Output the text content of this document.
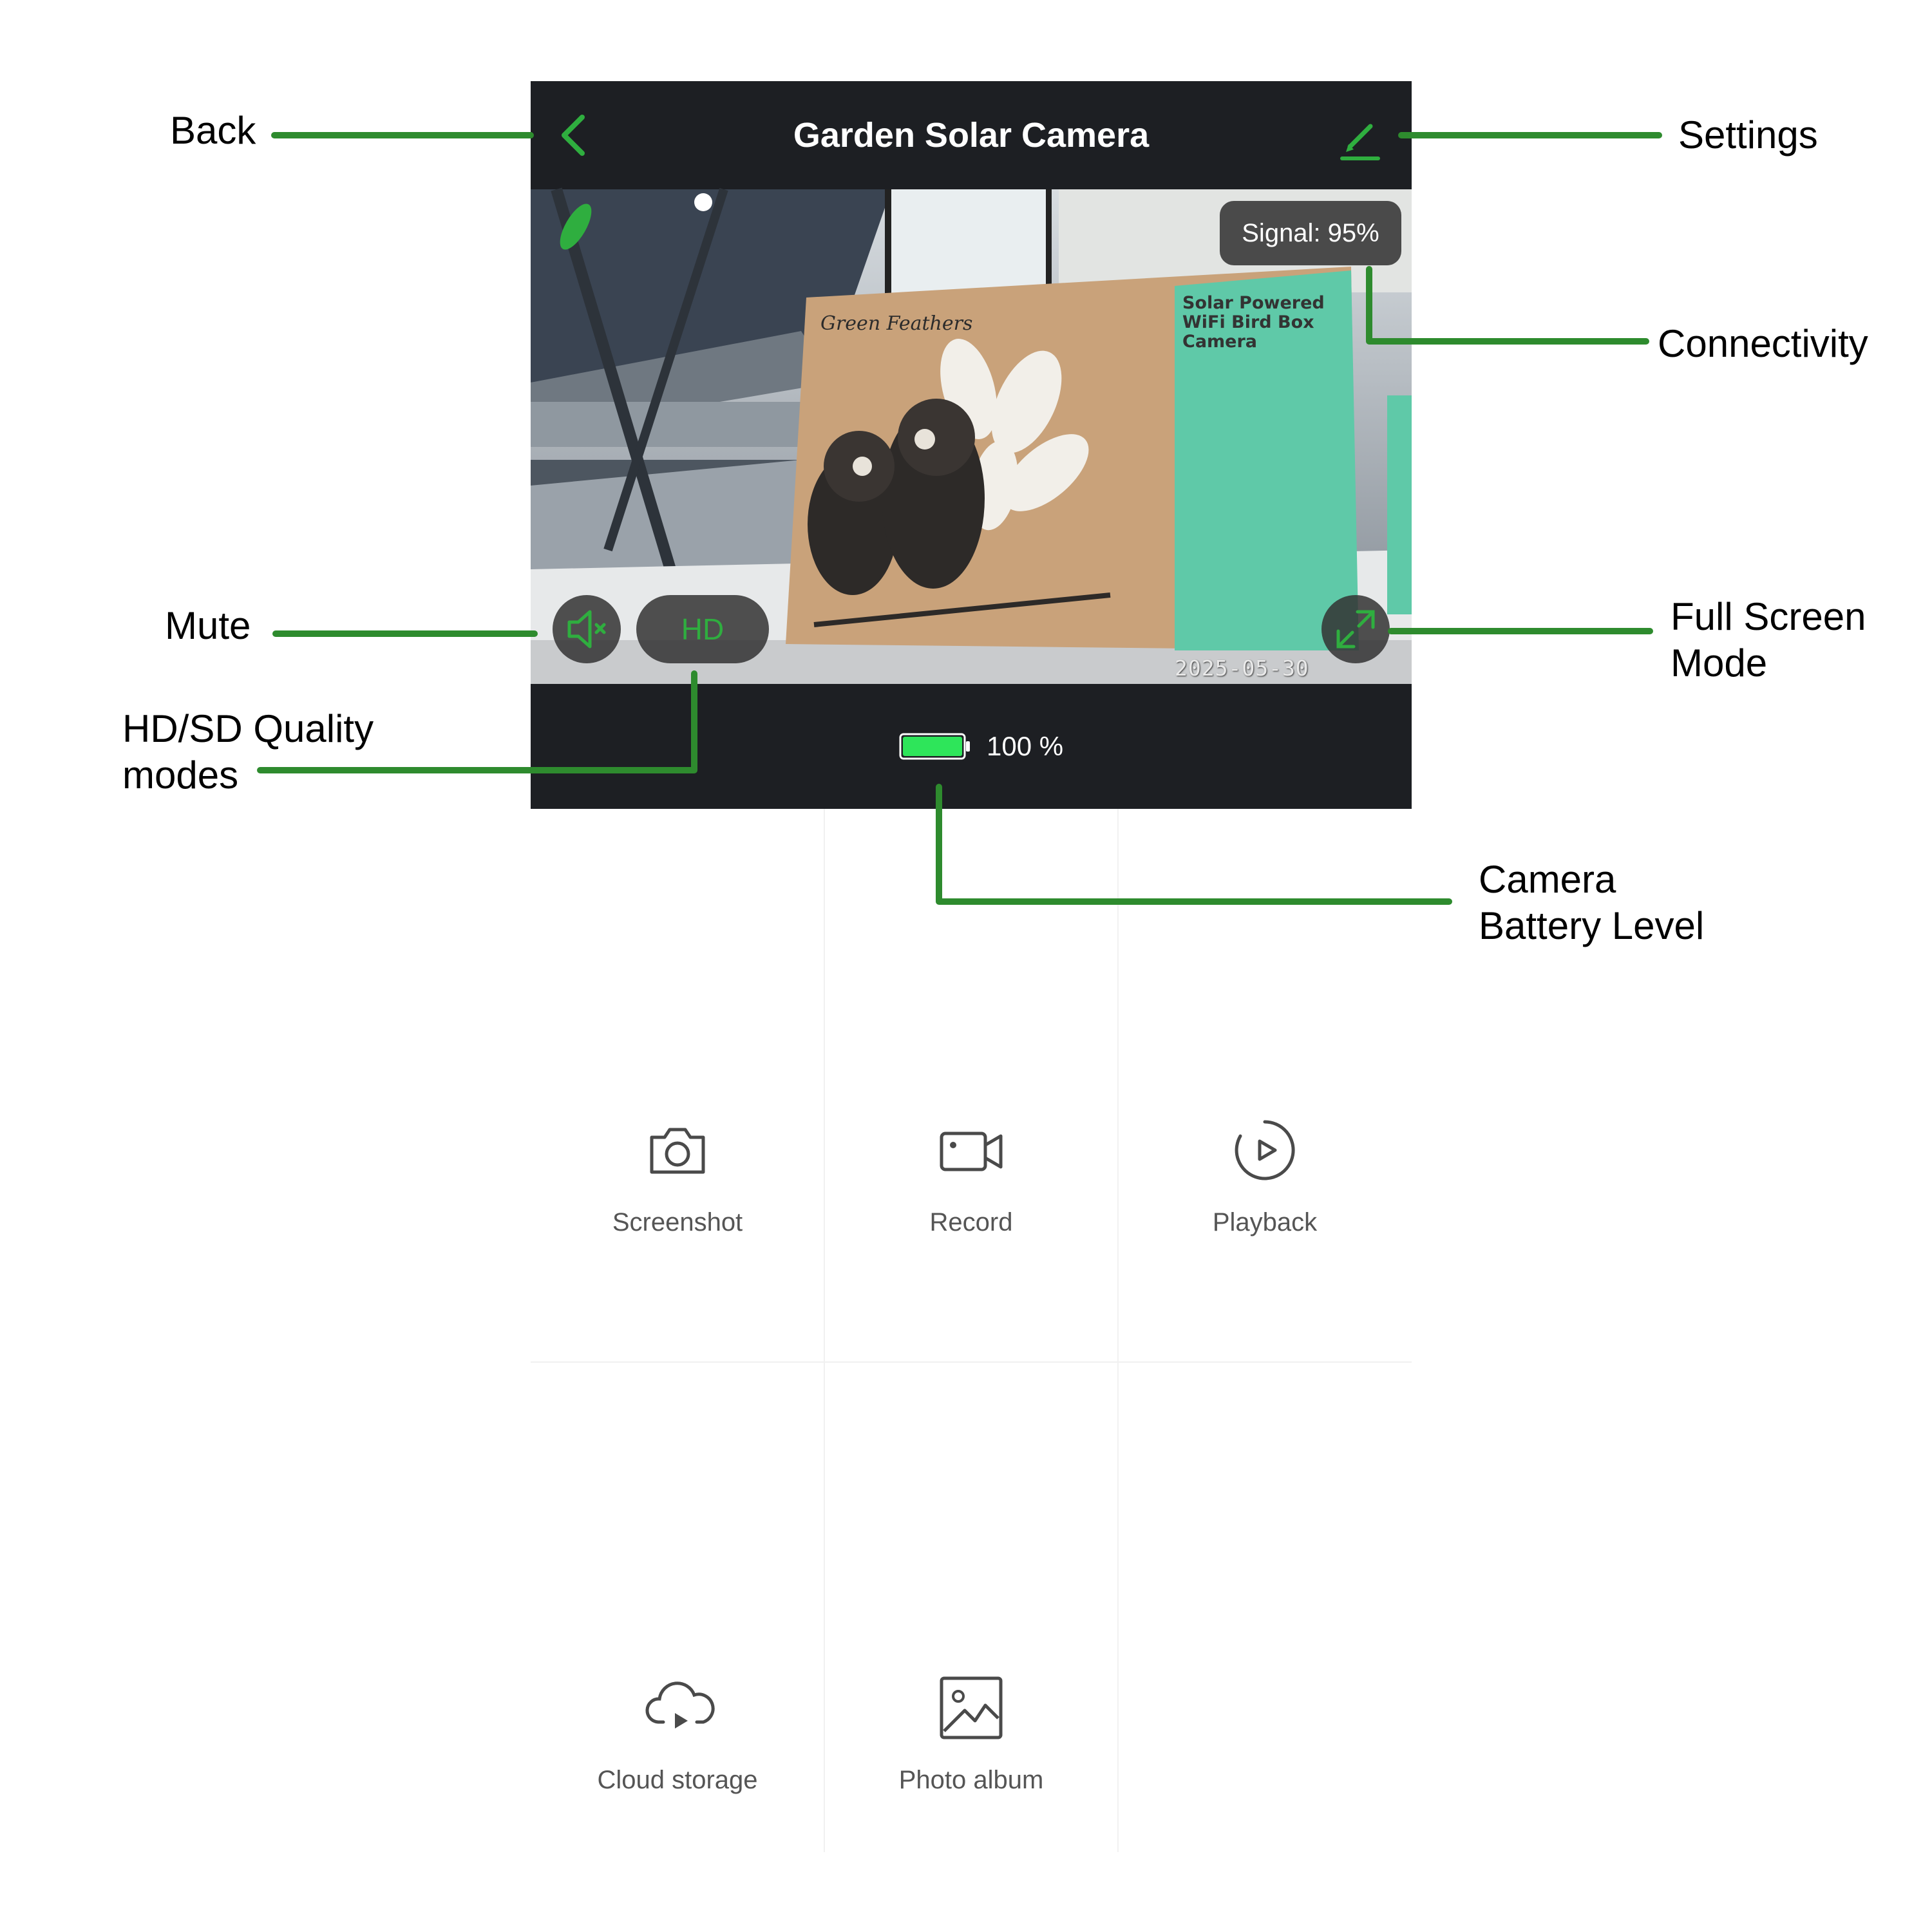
Garden Solar Camera
Green Feathers
Solar Powered
WiFi Bird Box
Camera
Signal: 95%
HD
2025-05-30
100 %
Screenshot	Record	Playback
Cloud storage	Photo album
Back	Settings
Connectivity
Mute	Full Screen
Mode
HD/SD Quality
modes
Camera
Battery Level
